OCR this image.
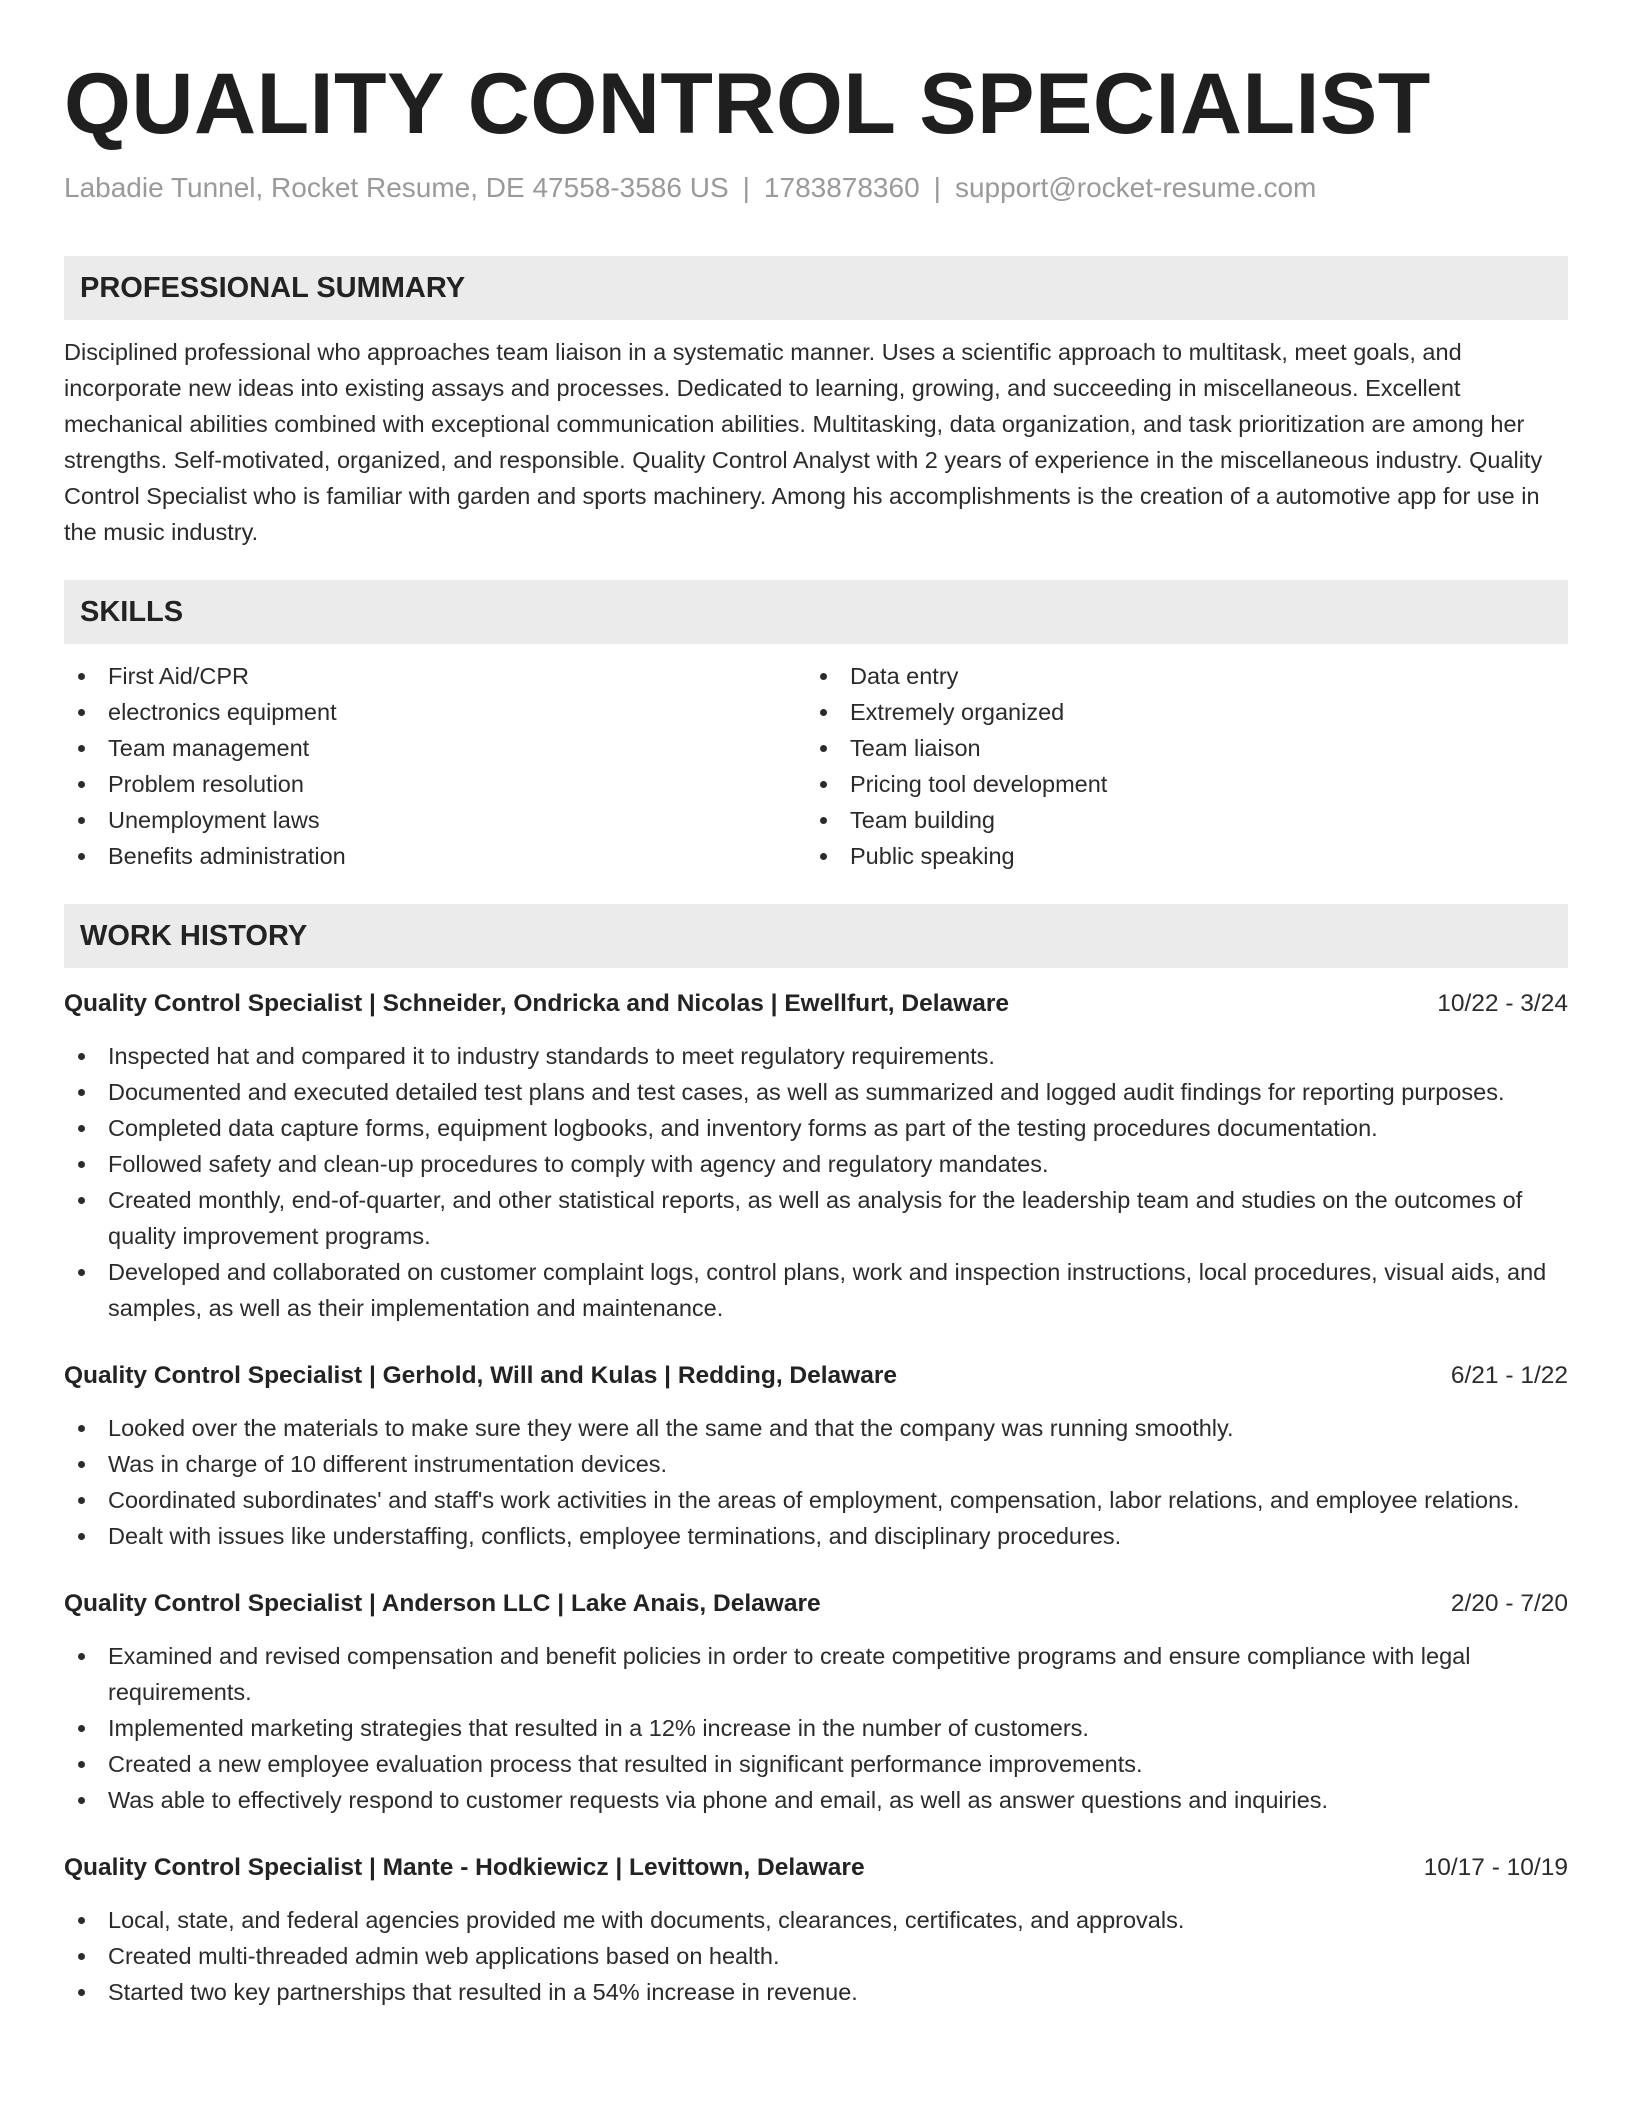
QUALITY CONTROL SPECIALIST
Labadie Tunnel, Rocket Resume, DE 47558-3586 US | 1783878360 | support@rocket-resume.com
PROFESSIONAL SUMMARY
Disciplined professional who approaches team liaison in a systematic manner. Uses a scientific approach to multitask, meet goals, and incorporate new ideas into existing assays and processes. Dedicated to learning, growing, and succeeding in miscellaneous. Excellent mechanical abilities combined with exceptional communication abilities. Multitasking, data organization, and task prioritization are among her strengths. Self-motivated, organized, and responsible. Quality Control Analyst with 2 years of experience in the miscellaneous industry. Quality Control Specialist who is familiar with garden and sports machinery. Among his accomplishments is the creation of a automotive app for use in the music industry.
SKILLS
First Aid/CPR
electronics equipment
Team management
Problem resolution
Unemployment laws
Benefits administration
Data entry
Extremely organized
Team liaison
Pricing tool development
Team building
Public speaking
WORK HISTORY
Quality Control Specialist | Schneider, Ondricka and Nicolas | Ewellfurt, Delaware	10/22 - 3/24
Inspected hat and compared it to industry standards to meet regulatory requirements.
Documented and executed detailed test plans and test cases, as well as summarized and logged audit findings for reporting purposes.
Completed data capture forms, equipment logbooks, and inventory forms as part of the testing procedures documentation.
Followed safety and clean-up procedures to comply with agency and regulatory mandates.
Created monthly, end-of-quarter, and other statistical reports, as well as analysis for the leadership team and studies on the outcomes of quality improvement programs.
Developed and collaborated on customer complaint logs, control plans, work and inspection instructions, local procedures, visual aids, and samples, as well as their implementation and maintenance.
Quality Control Specialist | Gerhold, Will and Kulas | Redding, Delaware	6/21 - 1/22
Looked over the materials to make sure they were all the same and that the company was running smoothly.
Was in charge of 10 different instrumentation devices.
Coordinated subordinates' and staff's work activities in the areas of employment, compensation, labor relations, and employee relations.
Dealt with issues like understaffing, conflicts, employee terminations, and disciplinary procedures.
Quality Control Specialist | Anderson LLC | Lake Anais, Delaware	2/20 - 7/20
Examined and revised compensation and benefit policies in order to create competitive programs and ensure compliance with legal requirements.
Implemented marketing strategies that resulted in a 12% increase in the number of customers.
Created a new employee evaluation process that resulted in significant performance improvements.
Was able to effectively respond to customer requests via phone and email, as well as answer questions and inquiries.
Quality Control Specialist | Mante - Hodkiewicz | Levittown, Delaware	10/17 - 10/19
Local, state, and federal agencies provided me with documents, clearances, certificates, and approvals.
Created multi-threaded admin web applications based on health.
Started two key partnerships that resulted in a 54% increase in revenue.
